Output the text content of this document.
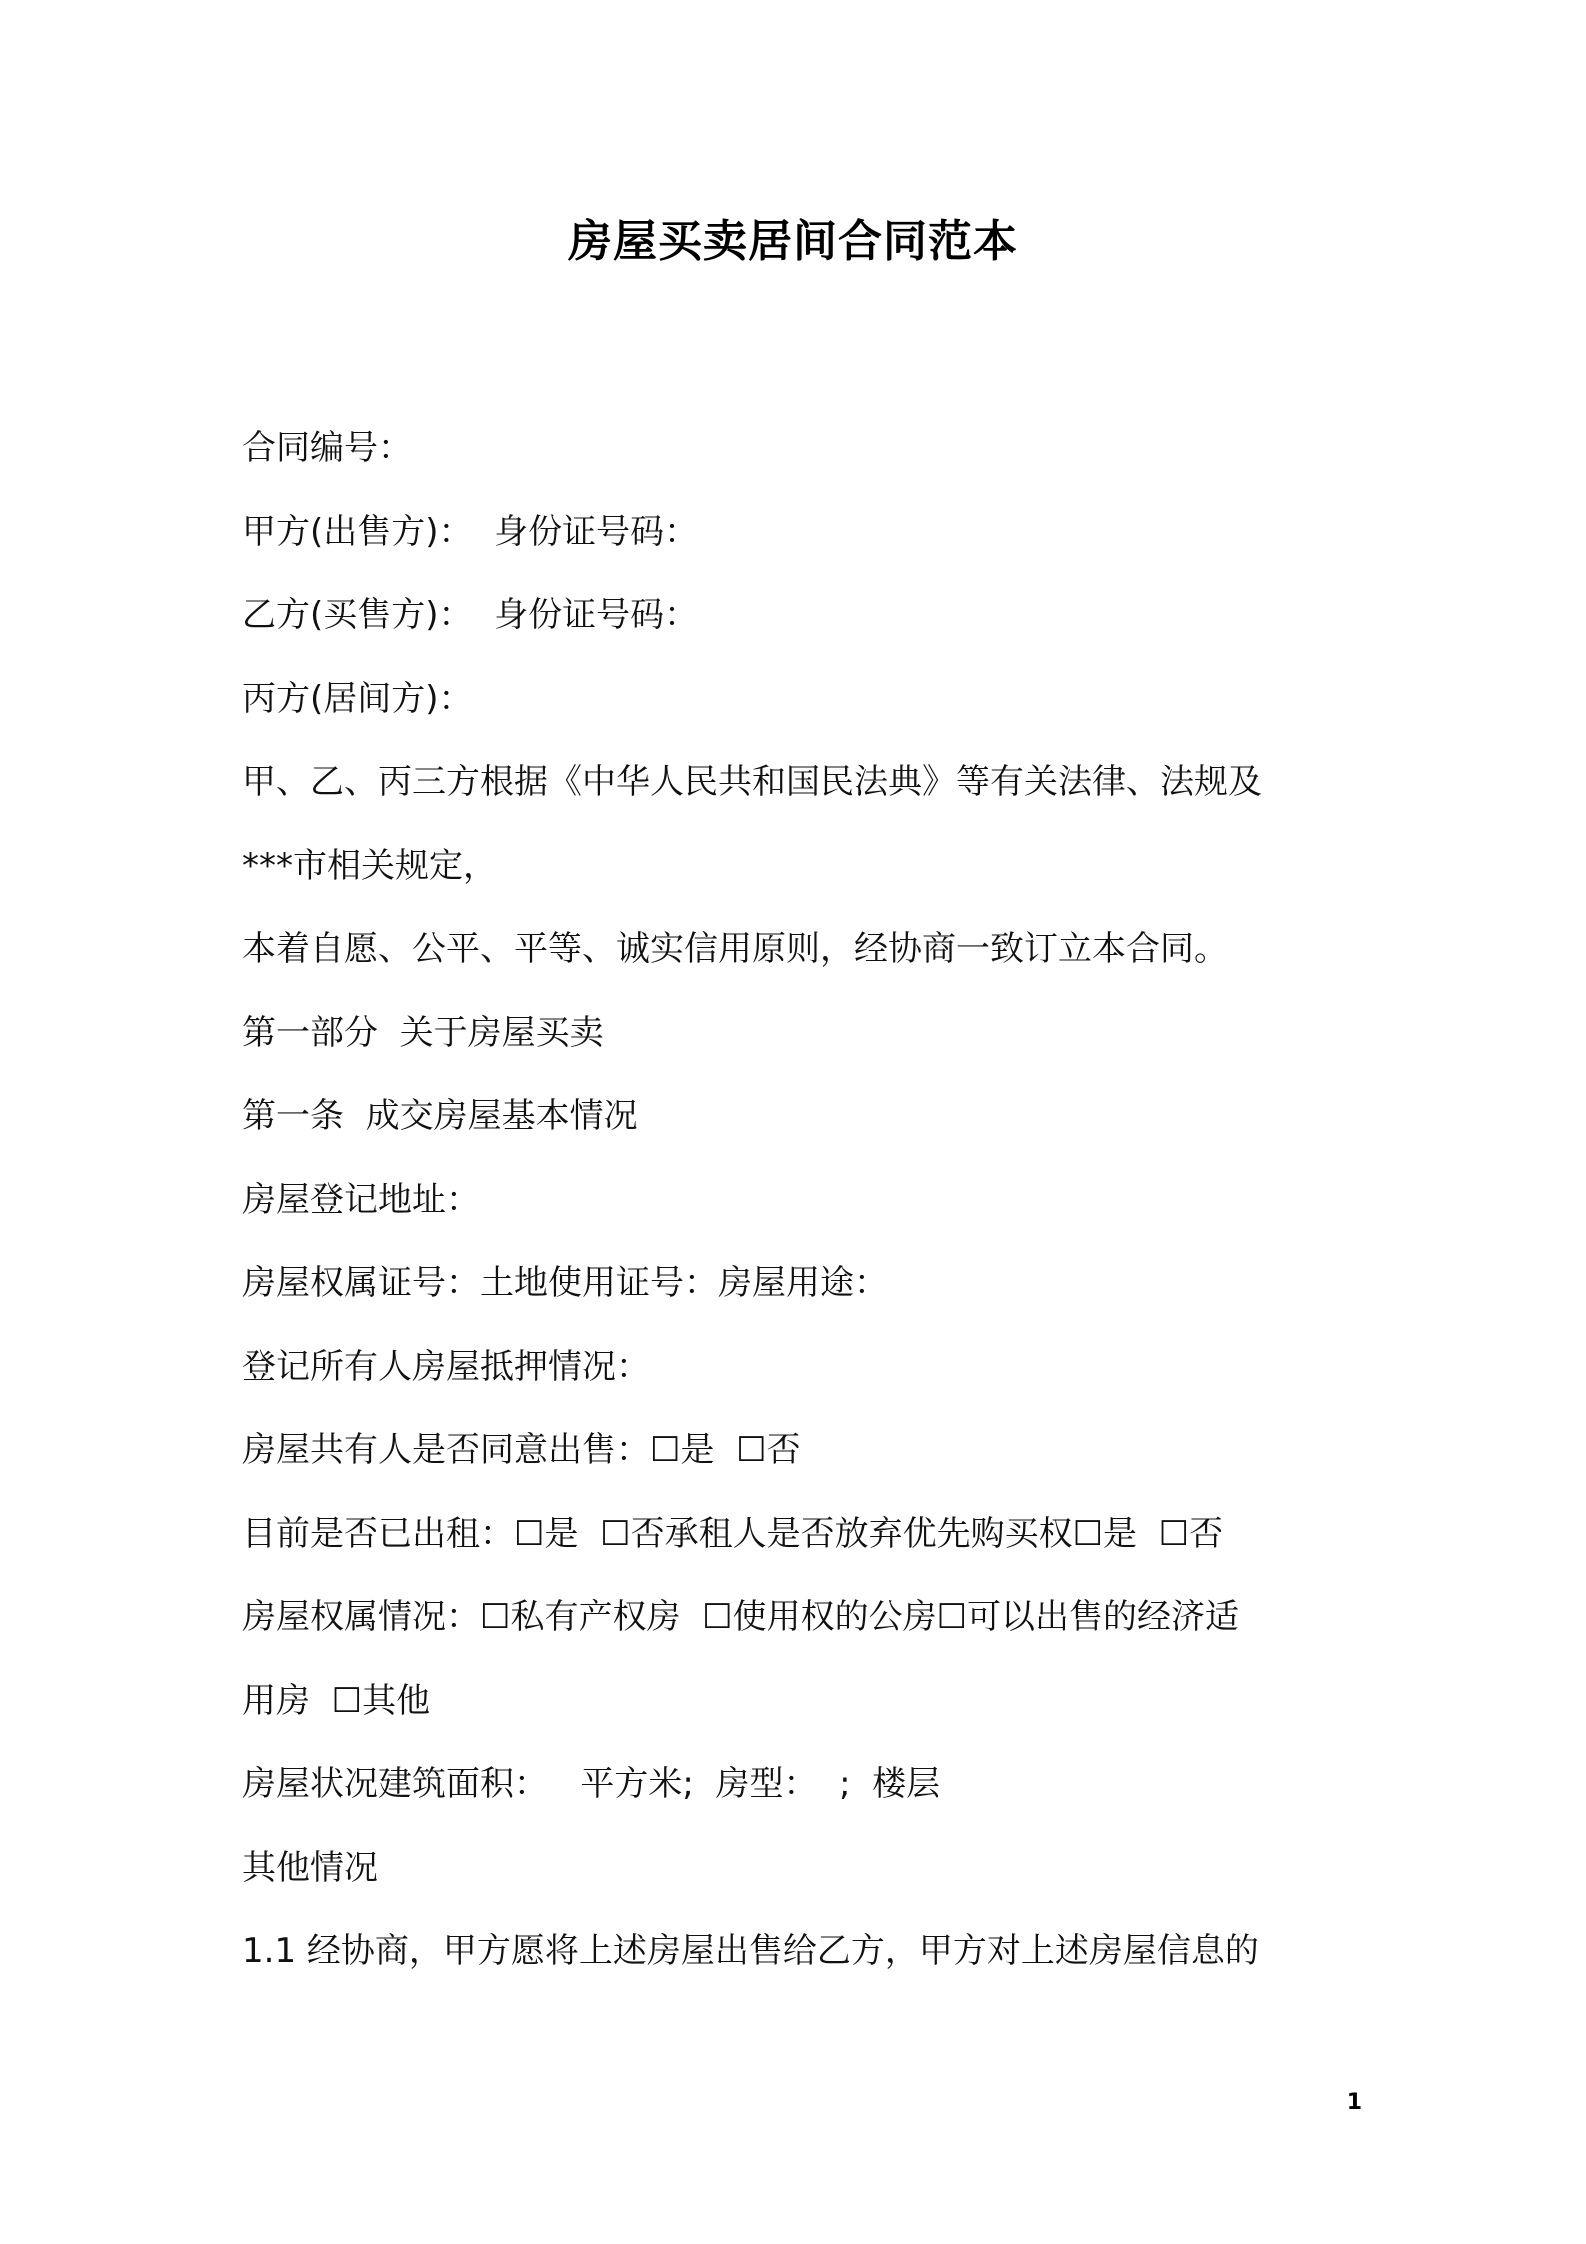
房屋买卖居间合同范本
合同编号：
甲方(出售方)：  身份证号码：
乙方(买售方)：  身份证号码：
丙方(居间方)：
甲、乙、丙三方根据《中华人民共和国民法典》等有关法律、法规及
***市相关规定，
本着自愿、公平、平等、诚实信用原则，经协商一致订立本合同。
第一部分  关于房屋买卖
第一条  成交房屋基本情况
房屋登记地址：
房屋权属证号：土地使用证号：房屋用途：
登记所有人房屋抵押情况：
房屋共有人是否同意出售：☐是  ☐否
目前是否已出租：☐是  ☐否承租人是否放弃优先购买权☐是  ☐否
房屋权属情况：☐私有产权房  ☐使用权的公房☐可以出售的经济适
用房  ☐其他
房屋状况建筑面积：   平方米;  房型：  ;  楼层
其他情况
1.1 经协商，甲方愿将上述房屋出售给乙方，甲方对上述房屋信息的
1
